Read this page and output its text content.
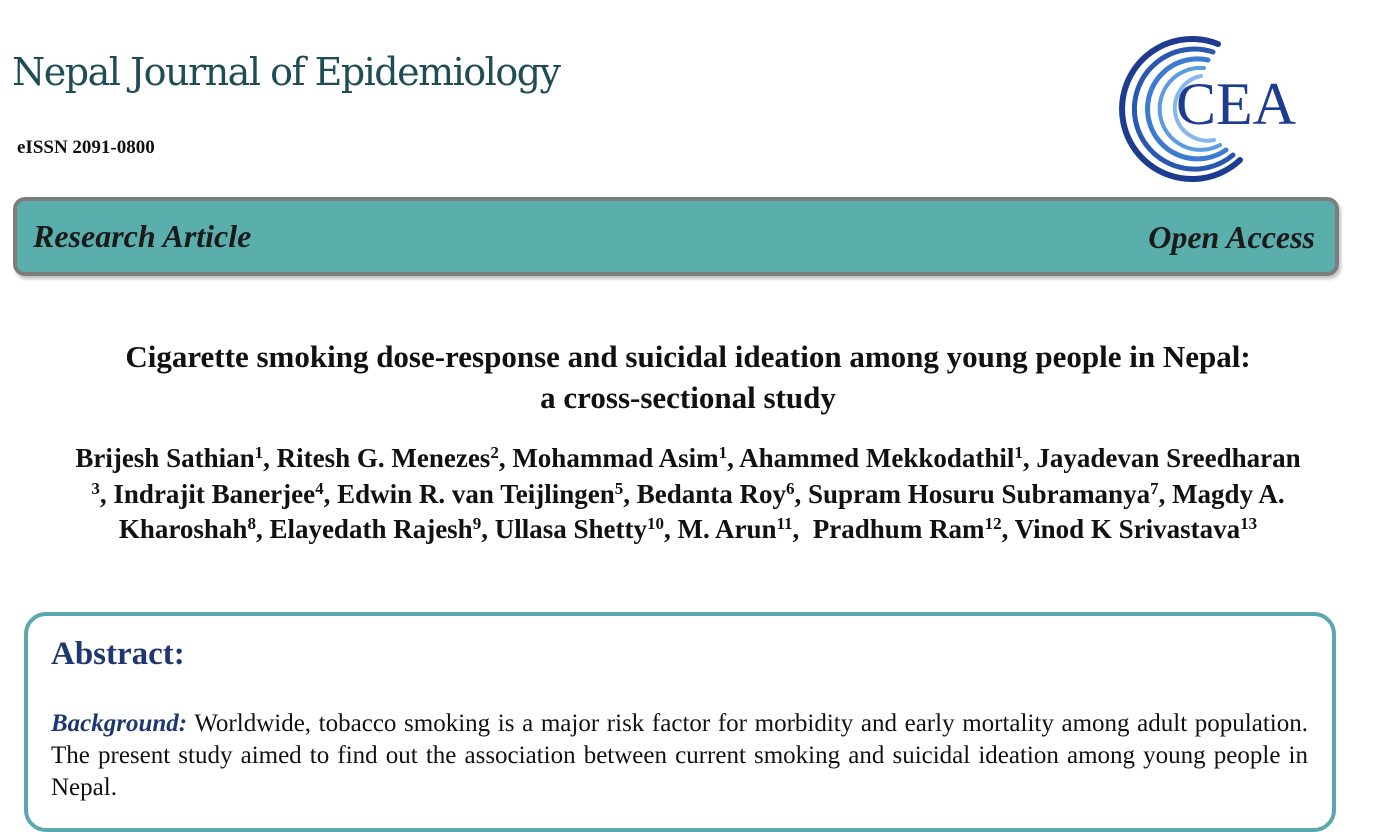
Nepal Journal of Epidemiology
eISSN 2091-0800
CEA
Research Article	Open Access
Cigarette smoking dose-response and suicidal ideation among young people in Nepal:
a cross-sectional study
Brijesh Sathian$^1$, Ritesh G. Menezes$^2$, Mohammad Asim$^1$, Ahammed Mekkodathil$^1$, Jayadevan Sreedharan $^3$, Indrajit Banerjee$^4$, Edwin R. van Teijlingen$^5$, Bedanta Roy$^6$, Supram Hosuru Subramanya$^7$, Magdy A. Kharoshah$^8$, Elayedath Rajesh$^9$, Ullasa Shetty$^{10}$, M. Arun$^{11}$,  Pradhum Ram$^{12}$, Vinod K Srivastava$^{13}$
Abstract:
Background: Worldwide, tobacco smoking is a major risk factor for morbidity and early mortality among adult population. The present study aimed to find out the association between current smoking and suicidal ideation among young people in Nepal.
